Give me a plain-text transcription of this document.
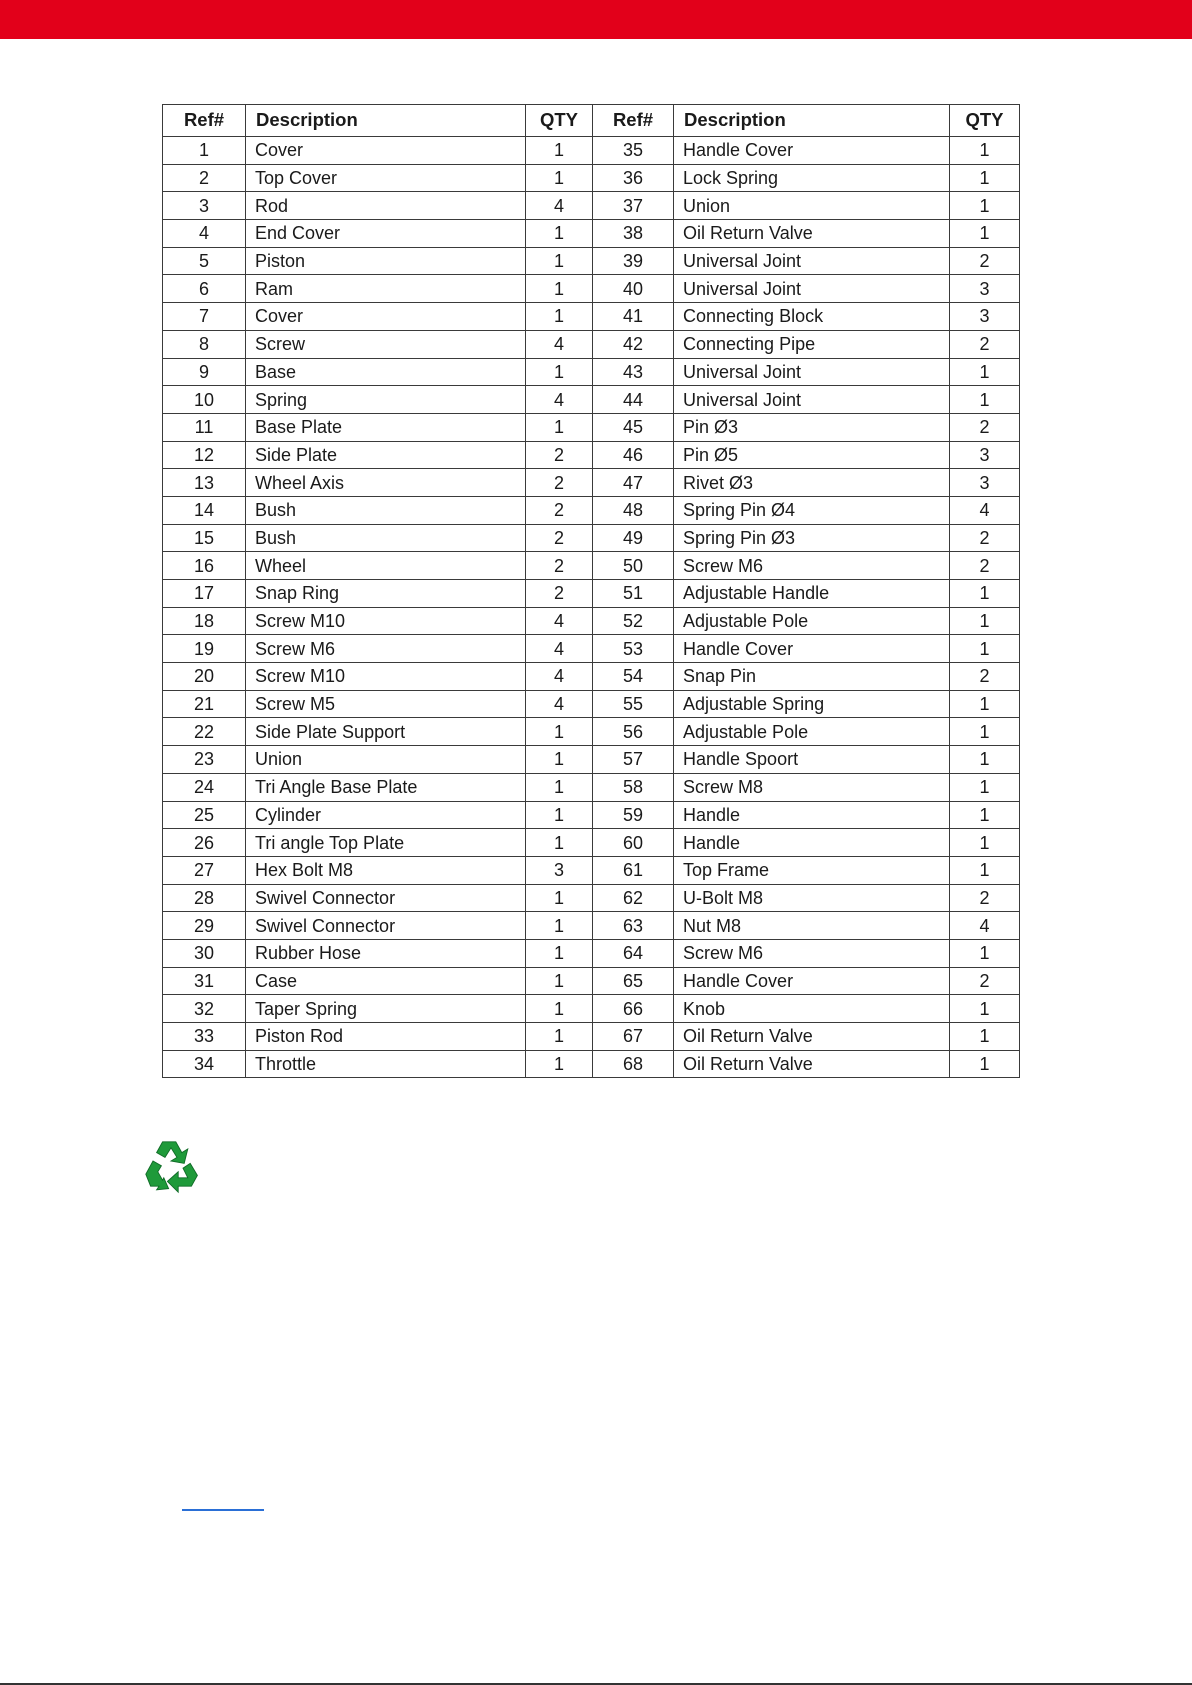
Ref#	Description	QTY	Ref#	Description	QTY
1	Cover	1	35	Handle Cover	1
2	Top Cover	1	36	Lock Spring	1
3	Rod	4	37	Union	1
4	End Cover	1	38	Oil Return Valve	1
5	Piston	1	39	Universal Joint	2
6	Ram	1	40	Universal Joint	3
7	Cover	1	41	Connecting Block	3
8	Screw	4	42	Connecting Pipe	2
9	Base	1	43	Universal Joint	1
10	Spring	4	44	Universal Joint	1
11	Base Plate	1	45	Pin Ø3	2
12	Side Plate	2	46	Pin Ø5	3
13	Wheel Axis	2	47	Rivet Ø3	3
14	Bush	2	48	Spring Pin Ø4	4
15	Bush	2	49	Spring Pin Ø3	2
16	Wheel	2	50	Screw M6	2
17	Snap Ring	2	51	Adjustable Handle	1
18	Screw M10	4	52	Adjustable Pole	1
19	Screw M6	4	53	Handle Cover	1
20	Screw M10	4	54	Snap Pin	2
21	Screw M5	4	55	Adjustable Spring	1
22	Side Plate Support	1	56	Adjustable Pole	1
23	Union	1	57	Handle Spoort	1
24	Tri Angle Base Plate	1	58	Screw M8	1
25	Cylinder	1	59	Handle	1
26	Tri angle Top Plate	1	60	Handle	1
27	Hex Bolt M8	3	61	Top Frame	1
28	Swivel Connector	1	62	U-Bolt M8	2
29	Swivel Connector	1	63	Nut M8	4
30	Rubber Hose	1	64	Screw M6	1
31	Case	1	65	Handle Cover	2
32	Taper Spring	1	66	Knob	1
33	Piston Rod	1	67	Oil Return Valve	1
34	Throttle	1	68	Oil Return Valve	1
